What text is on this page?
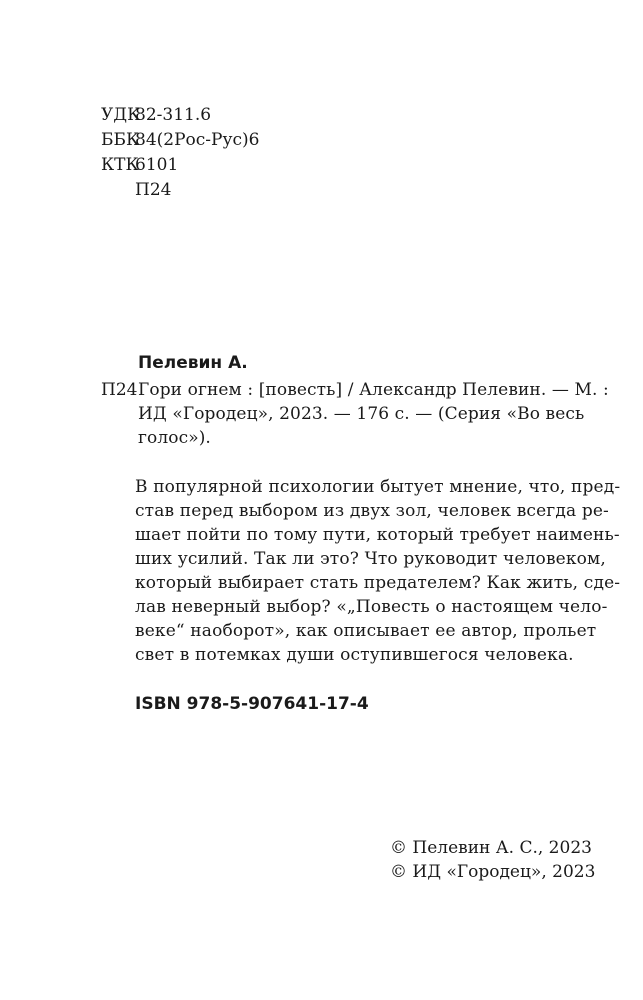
УДК
82-311.6
ББК
84(2Рос-Рус)6
КТК
6101
П24
Пелевин А.
П24 Гори огнем : [повесть] / Александр Пелевин. — М. :
ИД «Городец», 2023. — 176 с. — (Серия «Во весь
голос»).
В популярной психологии бытует мнение, что, пред-
став перед выбором из двух зол, человек всегда ре-
шает пойти по тому пути, который требует наимень-
ших усилий. Так ли это? Что руководит человеком,
который выбирает стать предателем? Как жить, сде-
лав неверный выбор? «„Повесть о настоящем чело-
веке“ наоборот», как описывает ее автор, прольет
свет в потемках души оступившегося человека.
ISBN 978-5-907641-17-4
© Пелевин А. С., 2023
© ИД «Городец», 2023
